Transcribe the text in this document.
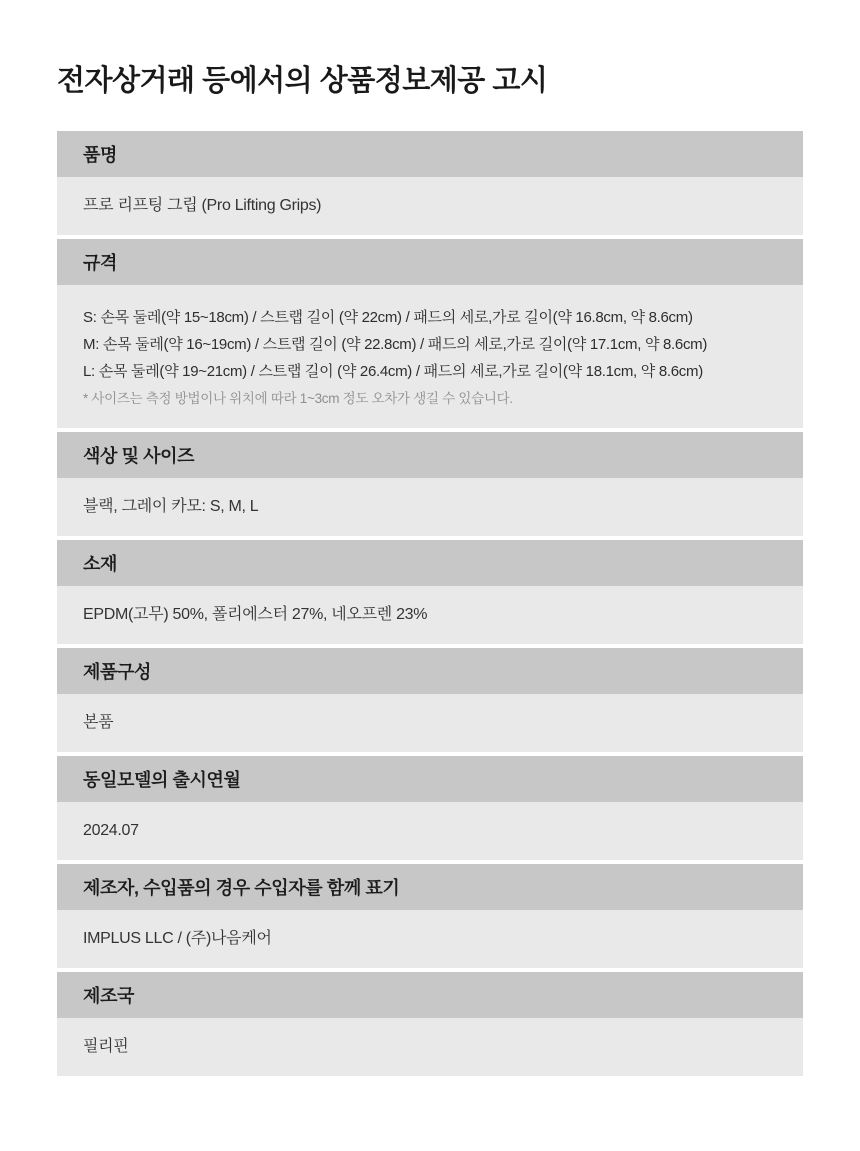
전자상거래 등에서의 상품정보제공 고시
품명
프로 리프팅 그립 (Pro Lifting Grips)
규격
S: 손목 둘레(약 15~18cm) / 스트랩 길이 (약 22cm) / 패드의 세로,가로 길이(약 16.8cm, 약 8.6cm)
M: 손목 둘레(약 16~19cm) / 스트랩 길이 (약 22.8cm) / 패드의 세로,가로 길이(약 17.1cm, 약 8.6cm)
L: 손목 둘레(약 19~21cm) / 스트랩 길이 (약 26.4cm) / 패드의 세로,가로 길이(약 18.1cm, 약 8.6cm)
* 사이즈는 측정 방법이나 위치에 따라 1~3cm 정도 오차가 생길 수 있습니다.
색상 및 사이즈
블랙, 그레이 카모: S, M, L
소재
EPDM(고무) 50%, 폴리에스터 27%, 네오프렌 23%
제품구성
본품
동일모델의 출시연월
2024.07
제조자, 수입품의 경우 수입자를 함께 표기
IMPLUS LLC / (주)나음케어
제조국
필리핀
